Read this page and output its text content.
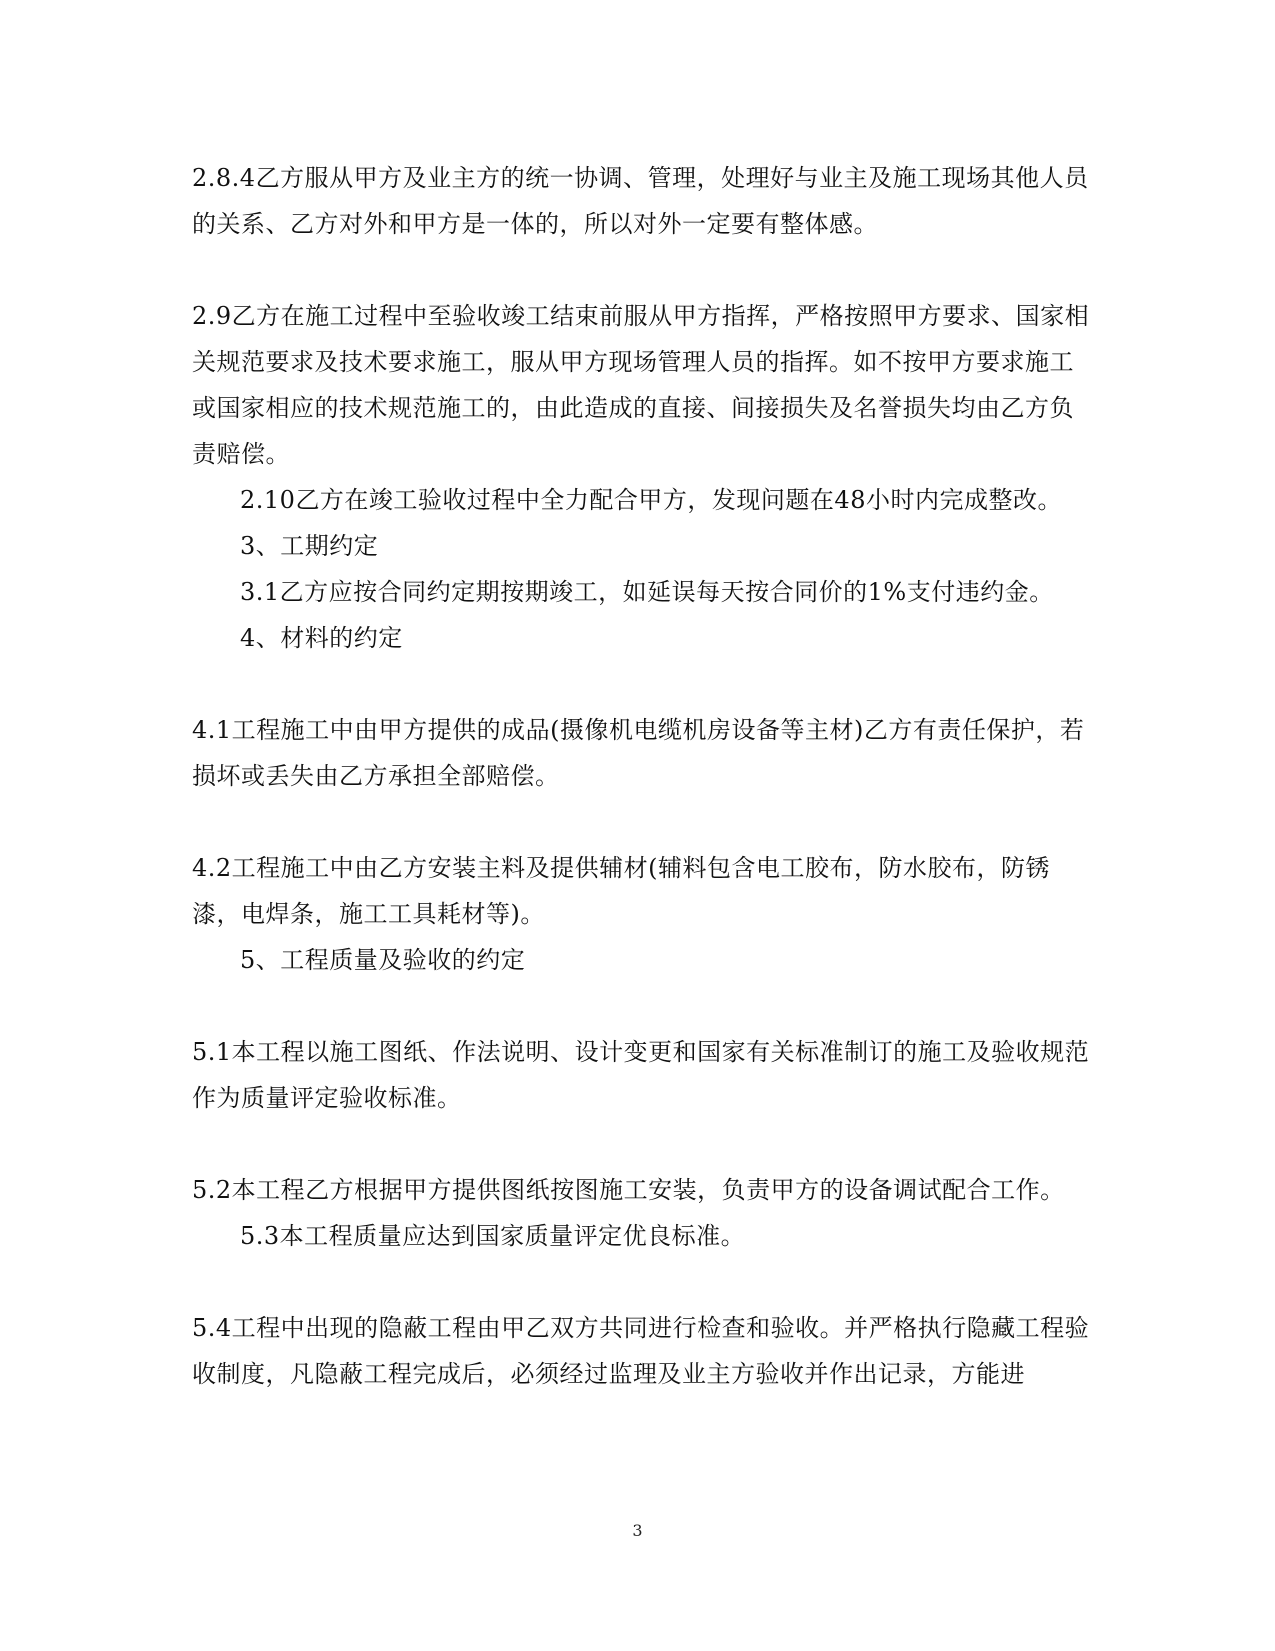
2.8.4乙方服从甲方及业主方的统一协调、管理，处理好与业主及施工现场其他人员的关系、乙方对外和甲方是一体的，所以对外一定要有整体感。

2.9乙方在施工过程中至验收竣工结束前服从甲方指挥，严格按照甲方要求、国家相关规范要求及技术要求施工，服从甲方现场管理人员的指挥。如不按甲方要求施工或国家相应的技术规范施工的，由此造成的直接、间接损失及名誉损失均由乙方负责赔偿。

2.10乙方在竣工验收过程中全力配合甲方，发现问题在48小时内完成整改。

3、工期约定

3.1乙方应按合同约定期按期竣工，如延误每天按合同价的1%支付违约金。

4、材料的约定

4.1工程施工中由甲方提供的成品(摄像机电缆机房设备等主材)乙方有责任保护，若损坏或丢失由乙方承担全部赔偿。

4.2工程施工中由乙方安装主料及提供辅材(辅料包含电工胶布，防水胶布，防锈漆，电焊条，施工工具耗材等)。

5、工程质量及验收的约定

5.1本工程以施工图纸、作法说明、设计变更和国家有关标准制订的施工及验收规范作为质量评定验收标准。

5.2本工程乙方根据甲方提供图纸按图施工安装，负责甲方的设备调试配合工作。

5.3本工程质量应达到国家质量评定优良标准。

5.4工程中出现的隐蔽工程由甲乙双方共同进行检查和验收。并严格执行隐藏工程验收制度，凡隐蔽工程完成后，必须经过监理及业主方验收并作出记录，方能进

3
